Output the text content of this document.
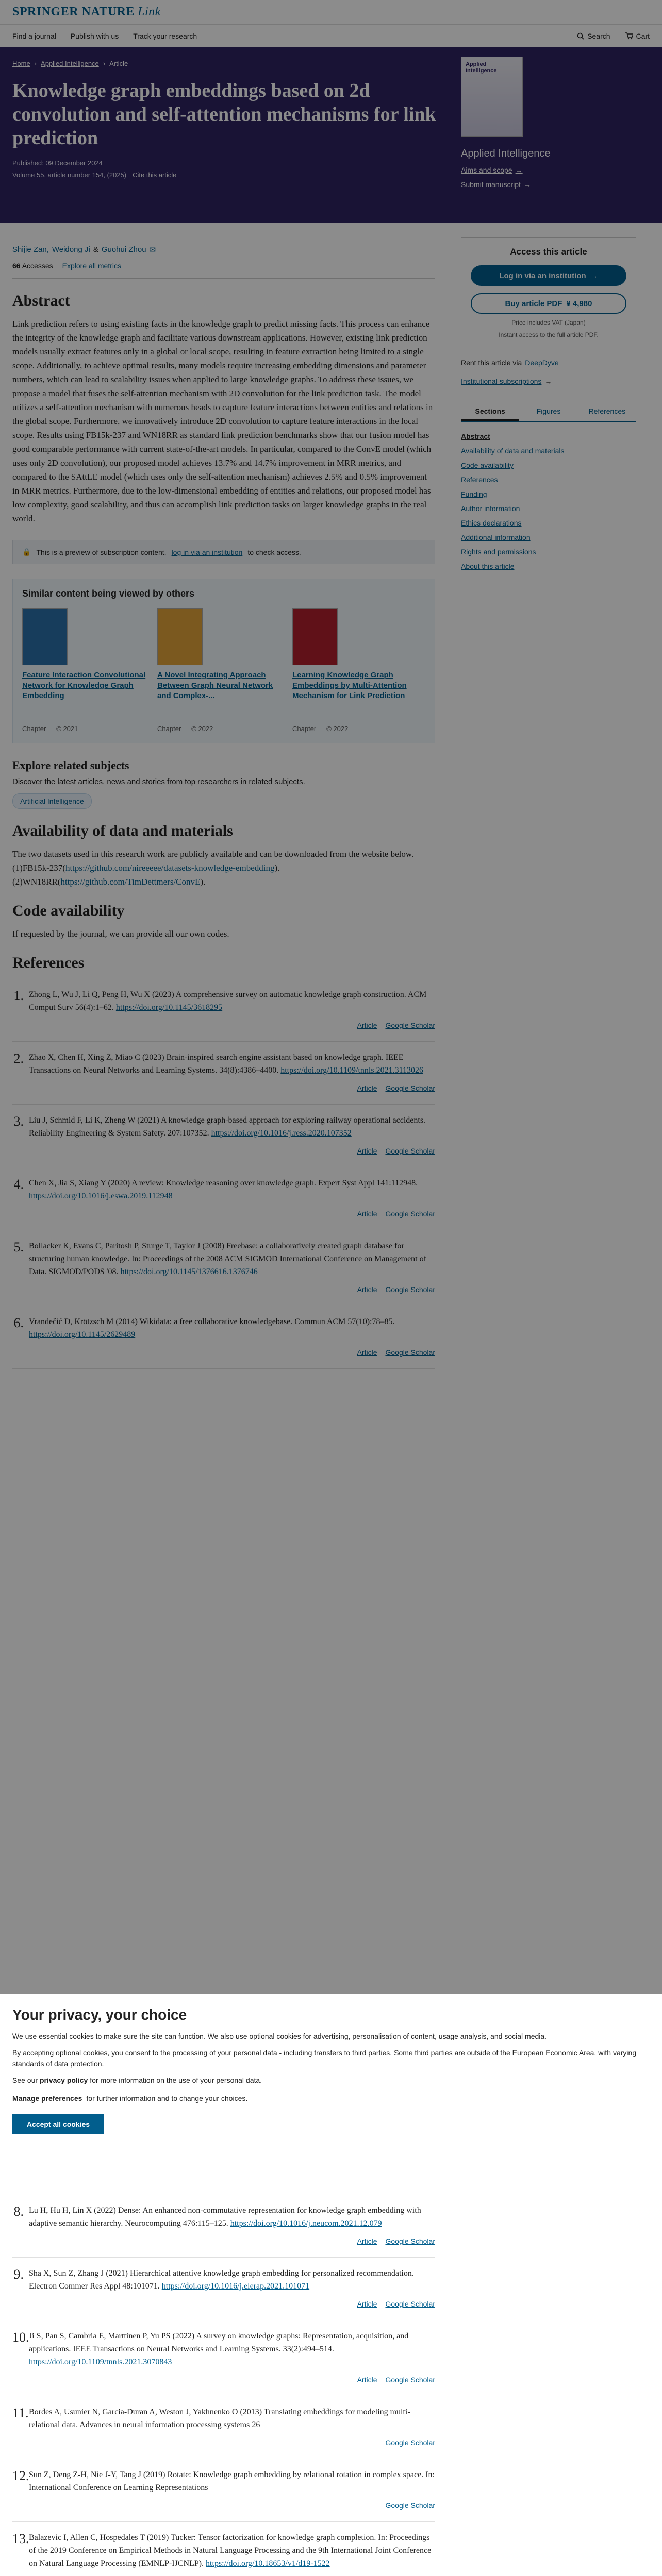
SPRINGER NATURE Link
Find a journal Publish with us Track your research	Search	Cart
Home › Applied Intelligence › Article
Knowledge graph embeddings based on 2d convolution and self-attention mechanisms for link prediction
Published: 09 December 2024
Volume 55, article number 154, (2025) Cite this article
Applied Intelligence
Applied Intelligence
Aims and scope →
Submit manuscript →
Shijie Zan, Weidong Ji & Guohui Zhou ✉
66 Accesses Explore all metrics
Abstract

Link prediction refers to using existing facts in the knowledge graph to predict missing facts. This process can enhance the integrity of the knowledge graph and facilitate various downstream applications. However, existing link prediction models usually extract features only in a global or local scope, resulting in feature extraction being limited to a single scope. Additionally, to achieve optimal results, many models require increasing embedding dimensions and parameter numbers, which can lead to scalability issues when applied to large knowledge graphs. To address these issues, we propose a model that fuses the self-attention mechanism with 2D convolution for the link prediction task. The model utilizes a self-attention mechanism with numerous heads to capture feature interactions between entities and relations in the global scope. Furthermore, we innovatively introduce 2D convolution to capture feature interactions in the local scope. Results using FB15k-237 and WN18RR as standard link prediction benchmarks show that our fusion model has good comparable performance with current state-of-the-art models. In particular, compared to the ConvE model (which uses only 2D convolution), our proposed model achieves 13.7% and 14.7% improvement in MRR metrics, and compared to the SAttLE model (which uses only the self-attention mechanism) achieves 2.5% and 0.5% improvement in MRR metrics. Furthermore, due to the low-dimensional embedding of entities and relations, our proposed model has low complexity, good scalability, and thus can accomplish link prediction tasks on larger knowledge graphs in the real world.

🔒 This is a preview of subscription content, log in via an institution to check access.
Similar content being viewed by others
Feature Interaction Convolutional Network for Knowledge Graph Embedding
Chapter © 2021
A Novel Integrating Approach Between Graph Neural Network and Complex-...
Chapter © 2022
Learning Knowledge Graph Embeddings by Multi-Attention Mechanism for Link Prediction
Chapter © 2022
Explore related subjects

Discover the latest articles, news and stories from top researchers in related subjects.

Artificial Intelligence
Availability of data and materials

The two datasets used in this research work are publicly available and can be downloaded from the website below. (1)FB15k-237(https://github.com/nireeeee/datasets-knowledge-embedding). (2)WN18RR(https://github.com/TimDettmers/ConvE).

Code availability

If requested by the journal, we can provide all our own codes.

References
1. Zhong L, Wu J, Li Q, Peng H, Wu X (2023) A comprehensive survey on automatic knowledge graph construction. ACM Comput Surv 56(4):1–62. https://doi.org/10.1145/3618295
Article Google Scholar
2. Zhao X, Chen H, Xing Z, Miao C (2023) Brain-inspired search engine assistant based on knowledge graph. IEEE Transactions on Neural Networks and Learning Systems. 34(8):4386–4400. https://doi.org/10.1109/tnnls.2021.3113026
Article Google Scholar
3. Liu J, Schmid F, Li K, Zheng W (2021) A knowledge graph-based approach for exploring railway operational accidents. Reliability Engineering & System Safety. 207:107352. https://doi.org/10.1016/j.ress.2020.107352
Article Google Scholar
4. Chen X, Jia S, Xiang Y (2020) A review: Knowledge reasoning over knowledge graph. Expert Syst Appl 141:112948. https://doi.org/10.1016/j.eswa.2019.112948
Article Google Scholar
5. Bollacker K, Evans C, Paritosh P, Sturge T, Taylor J (2008) Freebase: a collaboratively created graph database for structuring human knowledge. In: Proceedings of the 2008 ACM SIGMOD International Conference on Management of Data. SIGMOD/PODS '08. https://doi.org/10.1145/1376616.1376746
Article Google Scholar
6. Vrandečić D, Krötzsch M (2014) Wikidata: a free collaborative knowledgebase. Commun ACM 57(10):78–85. https://doi.org/10.1145/2629489
Article Google Scholar
Access this article
Log in via an institution →
Buy article PDF ¥ 4,980

Price includes VAT (Japan)

Instant access to the full article PDF.

Rent this article via DeepDyve
Institutional subscriptions →
Sections	Figures	References
Abstract
Availability of data and materials
Code availability
References
Funding
Author information
Ethics declarations
Additional information
Rights and permissions
About this article
Your privacy, your choice

We use essential cookies to make sure the site can function. We also use optional cookies for advertising, personalisation of content, usage analysis, and social media.

By accepting optional cookies, you consent to the processing of your personal data - including transfers to third parties. Some third parties are outside of the European Economic Area, with varying standards of data protection.

See our privacy policy for more information on the use of your personal data.

Manage preferences for further information and to change your choices.
Accept all cookies
8. Lu H, Hu H, Lin X (2022) Dense: An enhanced non-commutative representation for knowledge graph embedding with adaptive semantic hierarchy. Neurocomputing 476:115–125. https://doi.org/10.1016/j.neucom.2021.12.079
Article Google Scholar
9. Sha X, Sun Z, Zhang J (2021) Hierarchical attentive knowledge graph embedding for personalized recommendation. Electron Commer Res Appl 48:101071. https://doi.org/10.1016/j.elerap.2021.101071
Article Google Scholar
10. Ji S, Pan S, Cambria E, Marttinen P, Yu PS (2022) A survey on knowledge graphs: Representation, acquisition, and applications. IEEE Transactions on Neural Networks and Learning Systems. 33(2):494–514. https://doi.org/10.1109/tnnls.2021.3070843
Article Google Scholar
11. Bordes A, Usunier N, Garcia-Duran A, Weston J, Yakhnenko O (2013) Translating embeddings for modeling multi-relational data. Advances in neural information processing systems 26
Google Scholar
12. Sun Z, Deng Z-H, Nie J-Y, Tang J (2019) Rotate: Knowledge graph embedding by relational rotation in complex space. In: International Conference on Learning Representations
Google Scholar
13. Balazevic I, Allen C, Hospedales T (2019) Tucker: Tensor factorization for knowledge graph completion. In: Proceedings of the 2019 Conference on Empirical Methods in Natural Language Processing and the 9th International Joint Conference on Natural Language Processing (EMNLP-IJCNLP). https://doi.org/10.18653/v1/d19-1522
